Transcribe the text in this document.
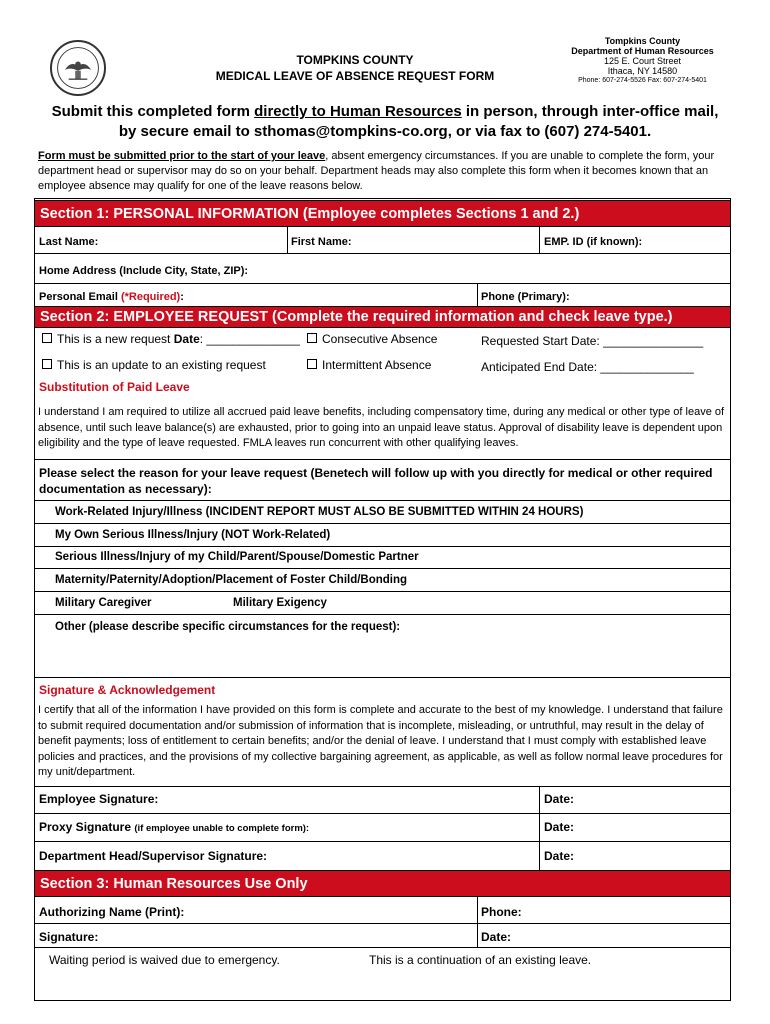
TOMPKINS COUNTY
MEDICAL LEAVE OF ABSENCE REQUEST FORM
Tompkins County
Department of Human Resources
125 E. Court Street
Ithaca, NY 14580
Phone: 607-274-5526 Fax: 607-274-5401
Submit this completed form directly to Human Resources in person, through inter-office mail,
by secure email to sthomas@tompkins-co.org, or via fax to (607) 274-5401.
Form must be submitted prior to the start of your leave, absent emergency circumstances. If you are unable to complete the form, your department head or supervisor may do so on your behalf. Department heads may also complete this form when it becomes known that an employee absence may qualify for one of the leave reasons below.
Section 1: PERSONAL INFORMATION (Employee completes Sections 1 and 2.)
Last Name:	First Name:	EMP. ID (if known):
Home Address (Include City, State, ZIP):
Personal Email (*Required):	Phone (Primary):
Section 2: EMPLOYEE REQUEST (Complete the required information and check leave type.)
This is a new request Date: ______________	Consecutive Absence	Requested Start Date: _______________
This is an update to an existing request	Intermittent Absence	Anticipated End Date: ______________
Substitution of Paid Leave
I understand I am required to utilize all accrued paid leave benefits, including compensatory time, during any medical or other type of leave of absence, until such leave balance(s) are exhausted, prior to going into an unpaid leave status. Approval of disability leave is dependent upon eligibility and the type of leave requested. FMLA leaves run concurrent with other qualifying leaves.
Please select the reason for your leave request (Benetech will follow up with you directly for medical or other required documentation as necessary):
Work-Related Injury/Illness (INCIDENT REPORT MUST ALSO BE SUBMITTED WITHIN 24 HOURS)
My Own Serious Illness/Injury (NOT Work-Related)
Serious Illness/Injury of my Child/Parent/Spouse/Domestic Partner
Maternity/Paternity/Adoption/Placement of Foster Child/Bonding
Military Caregiver	Military Exigency
Other (please describe specific circumstances for the request):
Signature & Acknowledgement
I certify that all of the information I have provided on this form is complete and accurate to the best of my knowledge. I understand that failure to submit required documentation and/or submission of information that is incomplete, misleading, or untruthful, may result in the delay of benefit payments; loss of entitlement to certain benefits; and/or the denial of leave. I understand that I must comply with established leave policies and practices, and the provisions of my collective bargaining agreement, as applicable, as well as follow normal leave procedures for my unit/department.
Employee Signature:	Date:
Proxy Signature (if employee unable to complete form):	Date:
Department Head/Supervisor Signature:	Date:
Section 3: Human Resources Use Only
Authorizing Name (Print):	Phone:
Signature:	Date:
Waiting period is waived due to emergency.	This is a continuation of an existing leave.
